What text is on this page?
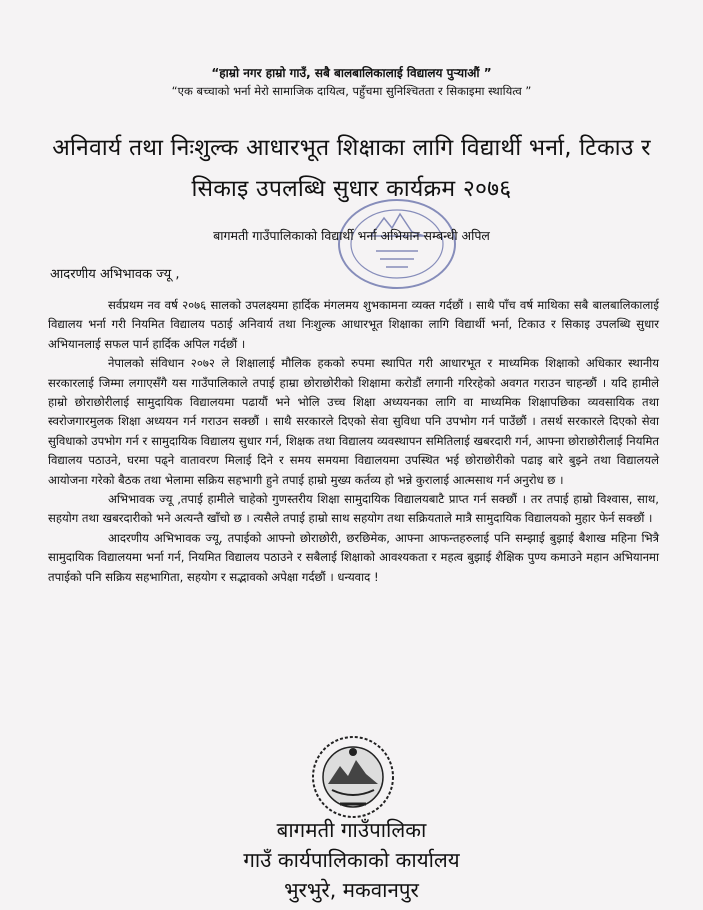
“हाम्रो नगर हाम्रो गाउँ, सबै बालबालिकालाई विद्यालय पुऱ्याऔं ”
“एक बच्चाको भर्ना मेरो सामाजिक दायित्व, पहुँचमा सुनिश्चितता र सिकाइमा स्थायित्व ”
अनिवार्य तथा निःशुल्क आधारभूत शिक्षाका लागि विद्यार्थी भर्ना, टिकाउ र सिकाइ उपलब्धि सुधार कार्यक्रम २०७६
बागमती गाउँपालिकाको विद्यार्थी भर्ना अभियान सम्बन्धी अपिल
आदरणीय अभिभावक ज्यू ,

सर्वप्रथम नव वर्ष २०७६ सालको उपलक्ष्यमा हार्दिक मंगलमय शुभकामना व्यक्त गर्दछौं । साथै पाँच वर्ष माथिका सबै बालबालिकालाई विद्यालय भर्ना गरी नियमित विद्यालय पठाई अनिवार्य तथा निःशुल्क आधारभूत शिक्षाका लागि विद्यार्थी भर्ना, टिकाउ र सिकाइ उपलब्धि सुधार अभियानलाई सफल पार्न हार्दिक अपिल गर्दछौं ।

नेपालको संविधान २०७२ ले शिक्षालाई मौलिक हकको रुपमा स्थापित गरी आधारभूत र माध्यमिक शिक्षाको अधिकार स्थानीय सरकारलाई जिम्मा लगाएसँगै यस गाउँपालिकाले तपाई हाम्रा छोराछोरीको शिक्षामा करोडौं लगानी गरिरहेको अवगत गराउन चाहन्छौं । यदि हामीले हाम्रो छोराछोरीलाई सामुदायिक विद्यालयमा पढायौं भने भोलि उच्च शिक्षा अध्ययनका लागि वा माध्यमिक शिक्षापछिका व्यवसायिक तथा स्वरोजगारमुलक शिक्षा अध्ययन गर्न गराउन सक्छौं । साथै सरकारले दिएको सेवा सुविधा पनि उपभोग गर्न पाउँछौं । तसर्थ सरकारले दिएको सेवा सुविधाको उपभोग गर्न र सामुदायिक विद्यालय सुधार गर्न, शिक्षक तथा विद्यालय व्यवस्थापन समितिलाई खबरदारी गर्न, आफ्ना छोराछोरीलाई नियमित विद्यालय पठाउने, घरमा पढ्ने वातावरण मिलाई दिने र समय समयमा विद्यालयमा उपस्थित भई छोराछोरीको पढाइ बारे बुझ्ने तथा विद्यालयले आयोजना गरेको बैठक तथा भेलामा सक्रिय सहभागी हुने तपाई हाम्रो मुख्य कर्तव्य हो भन्ने कुरालाई आत्मसाथ गर्न अनुरोध छ ।

अभिभावक ज्यू ,तपाई हामीले चाहेको गुणस्तरीय शिक्षा सामुदायिक विद्यालयबाटै प्राप्त गर्न सक्छौं । तर तपाई हाम्रो विश्वास, साथ, सहयोग तथा खबरदारीको भने अत्यन्तै खाँचो छ । त्यसैले तपाई हाम्रो साथ सहयोग तथा सक्रियताले मात्रै सामुदायिक विद्यालयको मुहार फेर्न सक्छौं ।

आदरणीय अभिभावक ज्यू, तपाईको आफ्नो छोराछोरी, छरछिमेक, आफ्ना आफन्तहरुलाई पनि सम्झाई बुझाई बैशाख महिना भित्रै सामुदायिक विद्यालयमा भर्ना गर्न, नियमित विद्यालय पठाउने र सबैलाई शिक्षाको आवश्यकता र महत्व बुझाई शैक्षिक पुण्य कमाउने महान अभियानमा तपाईको पनि सक्रिय सहभागिता, सहयोग र सद्भावको अपेक्षा गर्दछौं । धन्यवाद !

बागमती गाउँपालिका
गाउँ कार्यपालिकाको कार्यालय
भुरभुरे, मकवानपुर
